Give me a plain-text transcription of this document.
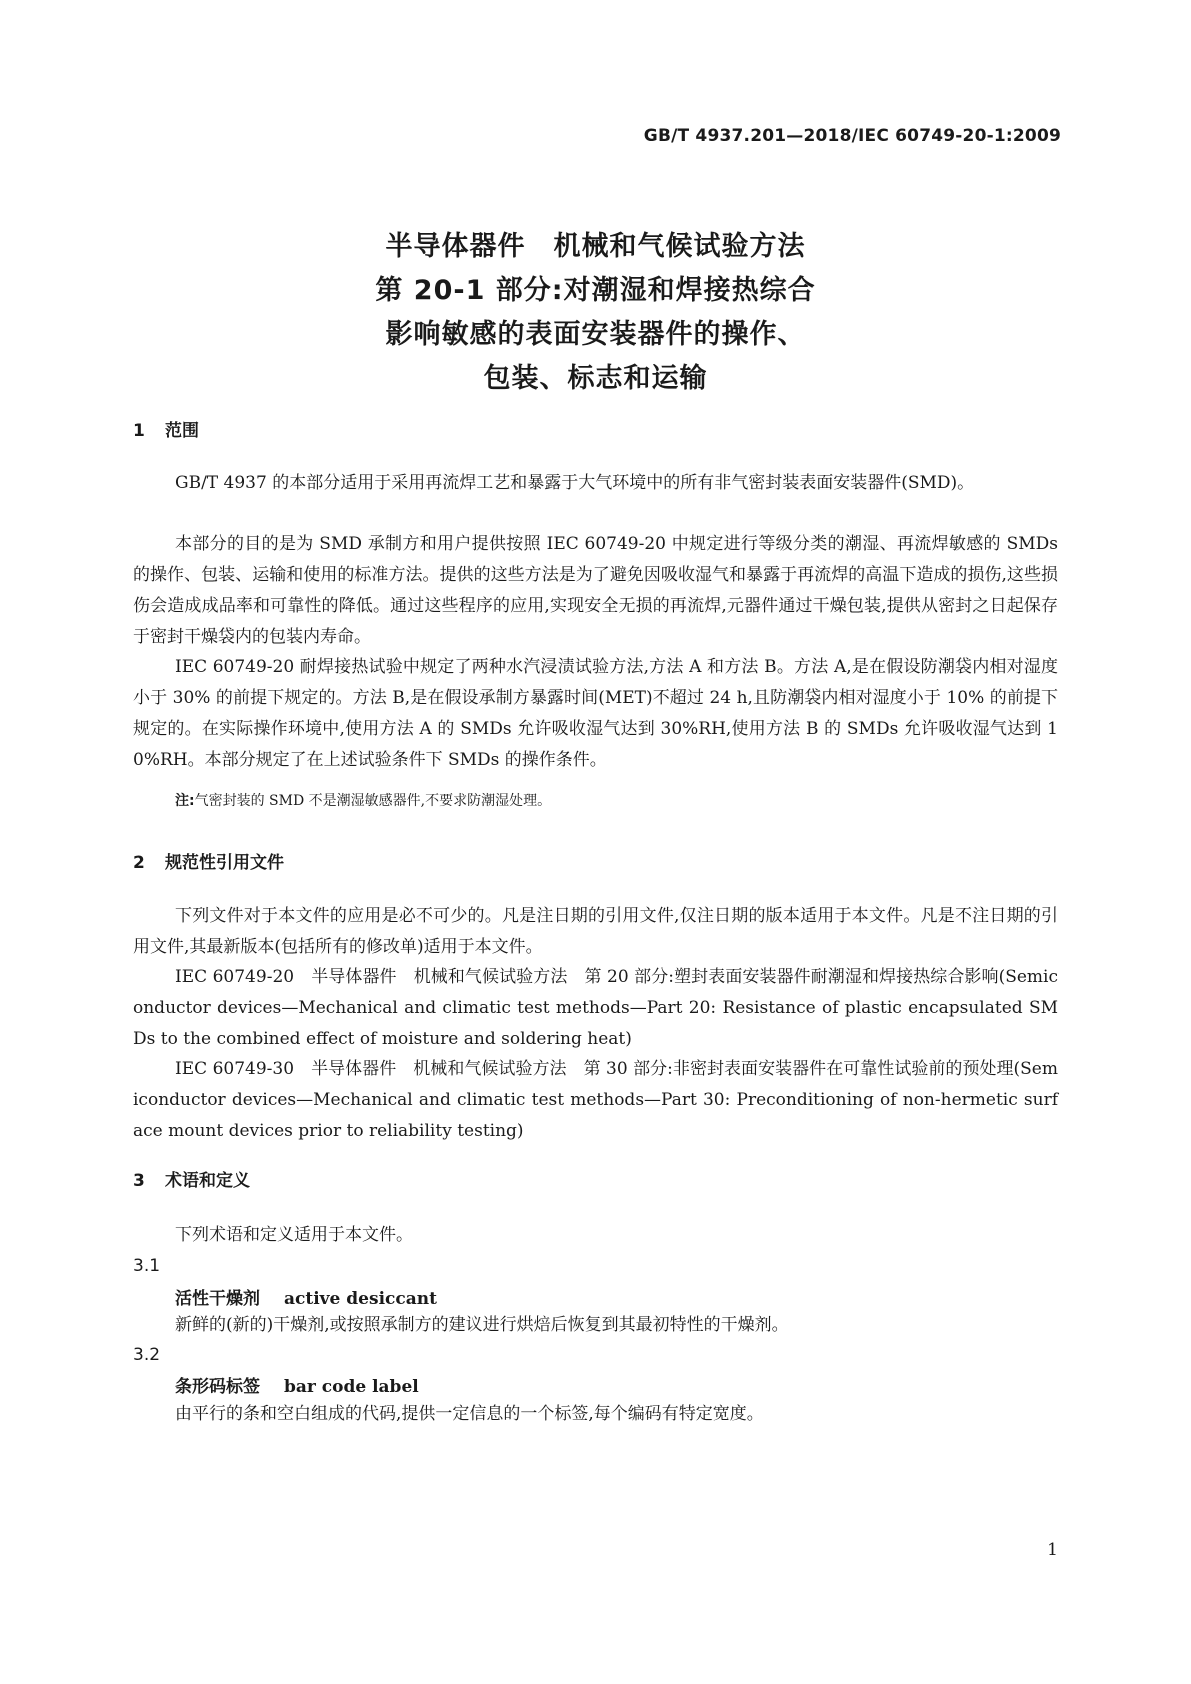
GB/T 4937.201—2018/IEC 60749-20-1:2009
半导体器件　机械和气候试验方法
第 20-1 部分:对潮湿和焊接热综合
影响敏感的表面安装器件的操作、
包装、标志和运输
1 范围
GB/T 4937 的本部分适用于采用再流焊工艺和暴露于大气环境中的所有非气密封装表面安装器件(SMD)。
本部分的目的是为 SMD 承制方和用户提供按照 IEC 60749-20 中规定进行等级分类的潮湿、再流焊敏感的 SMDs 的操作、包装、运输和使用的标准方法。提供的这些方法是为了避免因吸收湿气和暴露于再流焊的高温下造成的损伤,这些损伤会造成成品率和可靠性的降低。通过这些程序的应用,实现安全无损的再流焊,元器件通过干燥包装,提供从密封之日起保存于密封干燥袋内的包装内寿命。
IEC 60749-20 耐焊接热试验中规定了两种水汽浸渍试验方法,方法 A 和方法 B。方法 A,是在假设防潮袋内相对湿度小于 30% 的前提下规定的。方法 B,是在假设承制方暴露时间(MET)不超过 24 h,且防潮袋内相对湿度小于 10% 的前提下规定的。在实际操作环境中,使用方法 A 的 SMDs 允许吸收湿气达到 30%RH,使用方法 B 的 SMDs 允许吸收湿气达到 10%RH。本部分规定了在上述试验条件下 SMDs 的操作条件。
注:气密封装的 SMD 不是潮湿敏感器件,不要求防潮湿处理。
2 规范性引用文件
下列文件对于本文件的应用是必不可少的。凡是注日期的引用文件,仅注日期的版本适用于本文件。凡是不注日期的引用文件,其最新版本(包括所有的修改单)适用于本文件。
IEC 60749-20　半导体器件　机械和气候试验方法　第 20 部分:塑封表面安装器件耐潮湿和焊接热综合影响(Semiconductor devices—Mechanical and climatic test methods—Part 20: Resistance of plastic encapsulated SMDs to the combined effect of moisture and soldering heat)
IEC 60749-30　半导体器件　机械和气候试验方法　第 30 部分:非密封表面安装器件在可靠性试验前的预处理(Semiconductor devices—Mechanical and climatic test methods—Part 30: Preconditioning of non-hermetic surface mount devices prior to reliability testing)
3 术语和定义
下列术语和定义适用于本文件。
3.1
活性干燥剂 active desiccant
新鲜的(新的)干燥剂,或按照承制方的建议进行烘焙后恢复到其最初特性的干燥剂。
3.2
条形码标签 bar code label
由平行的条和空白组成的代码,提供一定信息的一个标签,每个编码有特定宽度。
1
